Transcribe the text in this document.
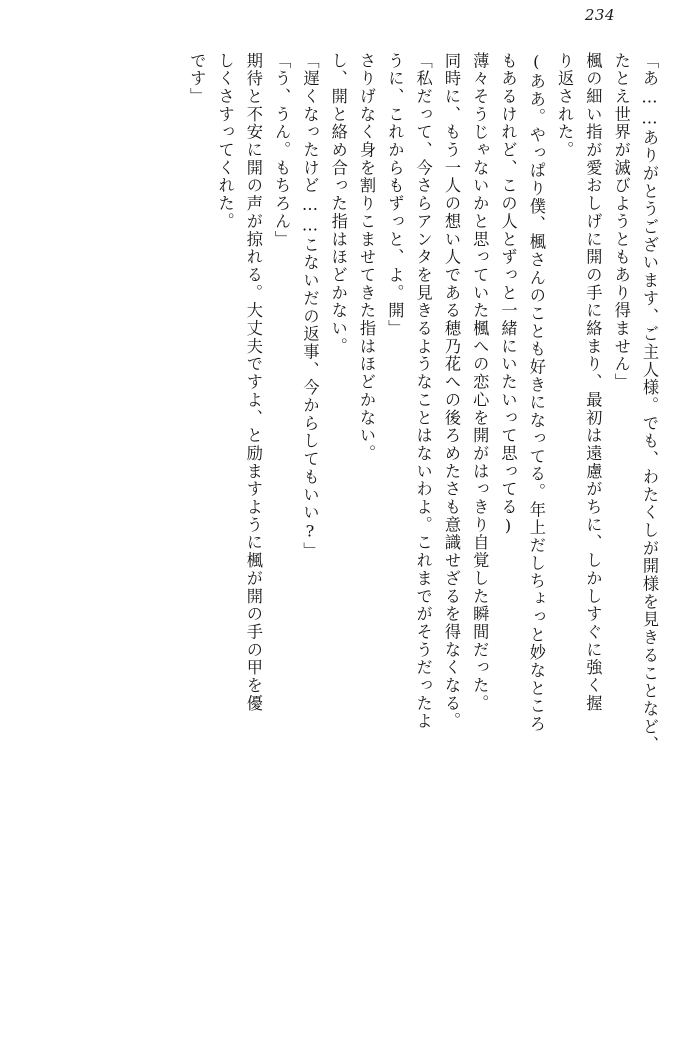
234
「あ……ありがとうございます、ご主人様。でも、わたくしが開様を見きることなど、
たとえ世界が滅びようともあり得ません」
楓の細い指が愛おしげに開の手に絡まり、最初は遠慮がちに、しかしすぐに強く握
り返された。
(ああ。やっぱり僕、楓さんのことも好きになってる。年上だしちょっと妙なところ
もあるけれど、この人とずっと一緒にいたいって思ってる)
薄々そうじゃないかと思っていた楓への恋心を開がはっきり自覚した瞬間だった。
同時に、もう一人の想い人である穂乃花への後ろめたさも意識せざるを得なくなる。
「私だって、今さらアンタを見きるようなことはないわよ。これまでがそうだったよ
うに、これからもずっと、よ。開」
さりげなく身を割りこませてきた指はほどかない。
し、開と絡め合った指はほどかない。
「遅くなったけど……こないだの返事、今からしてもいい?」
「う、うん。もちろん」
期待と不安に開の声が掠れる。大丈夫ですよ、と励ますように楓が開の手の甲を優
しくさすってくれた。
です」
